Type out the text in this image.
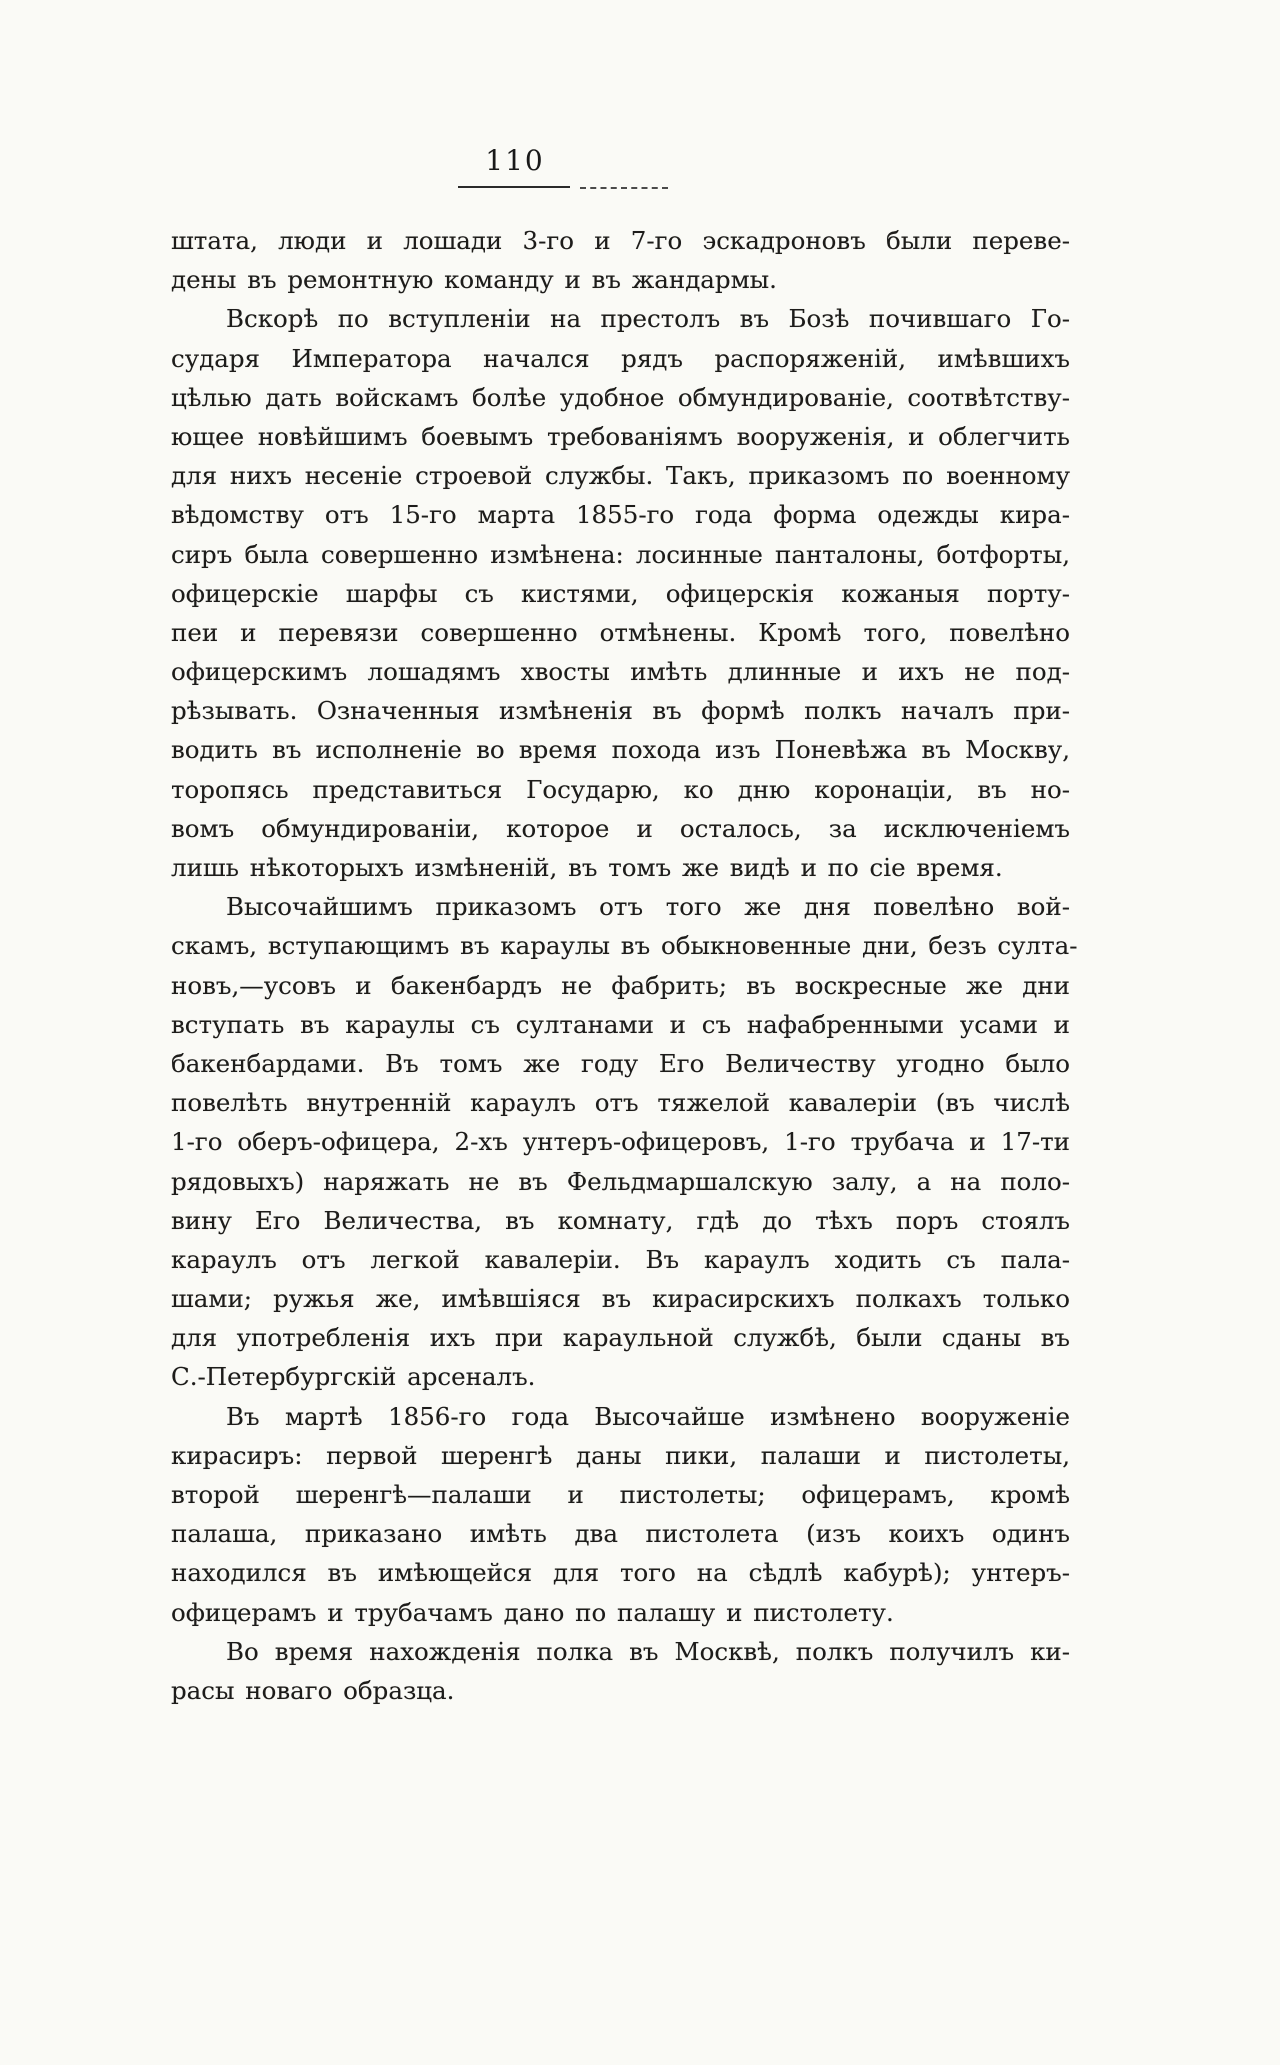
110
штата, люди и лошади 3-го и 7-го эскадроновъ были переве-
дены въ ремонтную команду и въ жандармы.
Вскорѣ по вступленіи на престолъ въ Бозѣ почившаго Го-
сударя Императора начался рядъ распоряженій, имѣвшихъ
цѣлью дать войскамъ болѣе удобное обмундированіе, соотвѣтству-
ющее новѣйшимъ боевымъ требованіямъ вооруженія, и облегчить
для нихъ несеніе строевой службы. Такъ, приказомъ по военному
вѣдомству отъ 15-го марта 1855-го года форма одежды кира-
сиръ была совершенно измѣнена: лосинные панталоны, ботфорты,
офицерскіе шарфы съ кистями, офицерскія кожаныя порту-
пеи и перевязи совершенно отмѣнены. Кромѣ того, повелѣно
офицерскимъ лошадямъ хвосты имѣть длинные и ихъ не под-
рѣзывать. Означенныя измѣненія въ формѣ полкъ началъ при-
водить въ исполненіе во время похода изъ Поневѣжа въ Москву,
торопясь представиться Государю, ко дню коронаціи, въ но-
вомъ обмундированіи, которое и осталось, за исключеніемъ
лишь нѣкоторыхъ измѣненій, въ томъ же видѣ и по сіе время.
Высочайшимъ приказомъ отъ того же дня повелѣно вой-
скамъ, вступающимъ въ караулы въ обыкновенные дни, безъ султа-
новъ,—усовъ и бакенбардъ не фабрить; въ воскресные же дни
вступать въ караулы съ султанами и съ нафабренными усами и
бакенбардами. Въ томъ же году Его Величеству угодно было
повелѣть внутренній караулъ отъ тяжелой кавалеріи (въ числѣ
1-го оберъ-офицера, 2-хъ унтеръ-офицеровъ, 1-го трубача и 17-ти
рядовыхъ) наряжать не въ Фельдмаршалскую залу, а на поло-
вину Его Величества, въ комнату, гдѣ до тѣхъ поръ стоялъ
караулъ отъ легкой кавалеріи. Въ караулъ ходить съ пала-
шами; ружья же, имѣвшіяся въ кирасирскихъ полкахъ только
для употребленія ихъ при караульной службѣ, были сданы въ
С.-Петербургскій арсеналъ.
Въ мартѣ 1856-го года Высочайше измѣнено вооруженіе
кирасиръ: первой шеренгѣ даны пики, палаши и пистолеты,
второй шеренгѣ—палаши и пистолеты; офицерамъ, кромѣ
палаша, приказано имѣть два пистолета (изъ коихъ одинъ
находился въ имѣющейся для того на сѣдлѣ кабурѣ); унтеръ-
офицерамъ и трубачамъ дано по палашу и пистолету.
Во время нахожденія полка въ Москвѣ, полкъ получилъ ки-
расы новаго образца.
